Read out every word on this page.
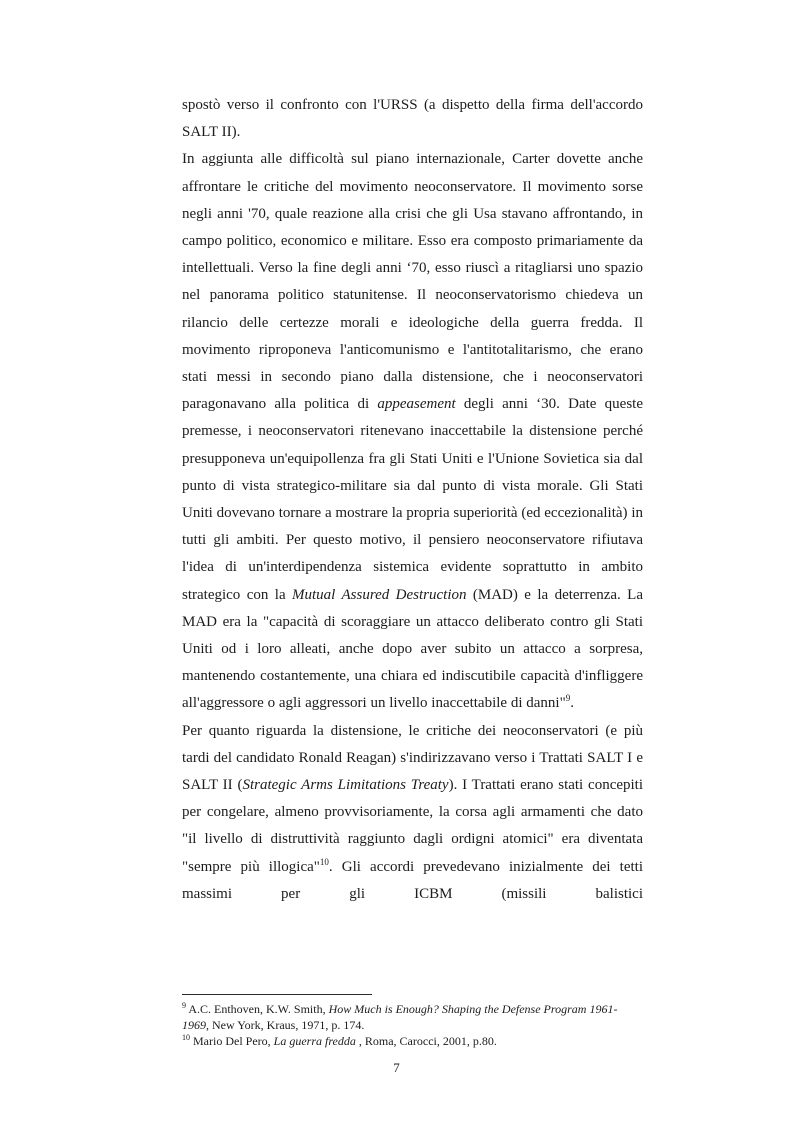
spostò verso il confronto con l'URSS (a dispetto della firma dell'accordo SALT II).

In aggiunta alle difficoltà sul piano internazionale, Carter dovette anche affrontare le critiche del movimento neoconservatore. Il movimento sorse negli anni '70, quale reazione alla crisi che gli Usa stavano affrontando, in campo politico, economico e militare. Esso era composto primariamente da intellettuali. Verso la fine degli anni ‘70, esso riuscì a ritagliarsi uno spazio nel panorama politico statunitense. Il neoconservatorismo chiedeva un rilancio delle certezze morali e ideologiche della guerra fredda. Il movimento riproponeva l'anticomunismo e l'antitotalitarismo, che erano stati messi in secondo piano dalla distensione, che i neoconservatori paragonavano alla politica di appeasement degli anni ‘30. Date queste premesse, i neoconservatori ritenevano inaccettabile la distensione perché presupponeva un'equipollenza fra gli Stati Uniti e l'Unione Sovietica sia dal punto di vista strategico-militare sia dal punto di vista morale. Gli Stati Uniti dovevano tornare a mostrare la propria superiorità (ed eccezionalità) in tutti gli ambiti. Per questo motivo, il pensiero neoconservatore rifiutava l'idea di un'interdipendenza sistemica evidente soprattutto in ambito strategico con la Mutual Assured Destruction (MAD) e la deterrenza. La MAD era la "capacità di scoraggiare un attacco deliberato contro gli Stati Uniti od i loro alleati, anche dopo aver subito un attacco a sorpresa, mantenendo costantemente, una chiara ed indiscutibile capacità d'infliggere all'aggressore o agli aggressori un livello inaccettabile di danni"$^9$.

Per quanto riguarda la distensione, le critiche dei neoconservatori (e più tardi del candidato Ronald Reagan) s'indirizzavano verso i Trattati SALT I e SALT II (Strategic Arms Limitations Treaty). I Trattati erano stati concepiti per congelare, almeno provvisoriamente, la corsa agli armamenti che dato "il livello di distruttività raggiunto dagli ordigni atomici" era diventata "sempre più illogica"$^{10}$. Gli accordi prevedevano inizialmente dei tetti massimi per gli ICBM (missili balistici

$^9$ A.C. Enthoven, K.W. Smith, How Much is Enough? Shaping the Defense Program 1961-1969, New York, Kraus, 1971, p. 174.

$^{10}$ Mario Del Pero, La guerra fredda , Roma, Carocci, 2001, p.80.

7
